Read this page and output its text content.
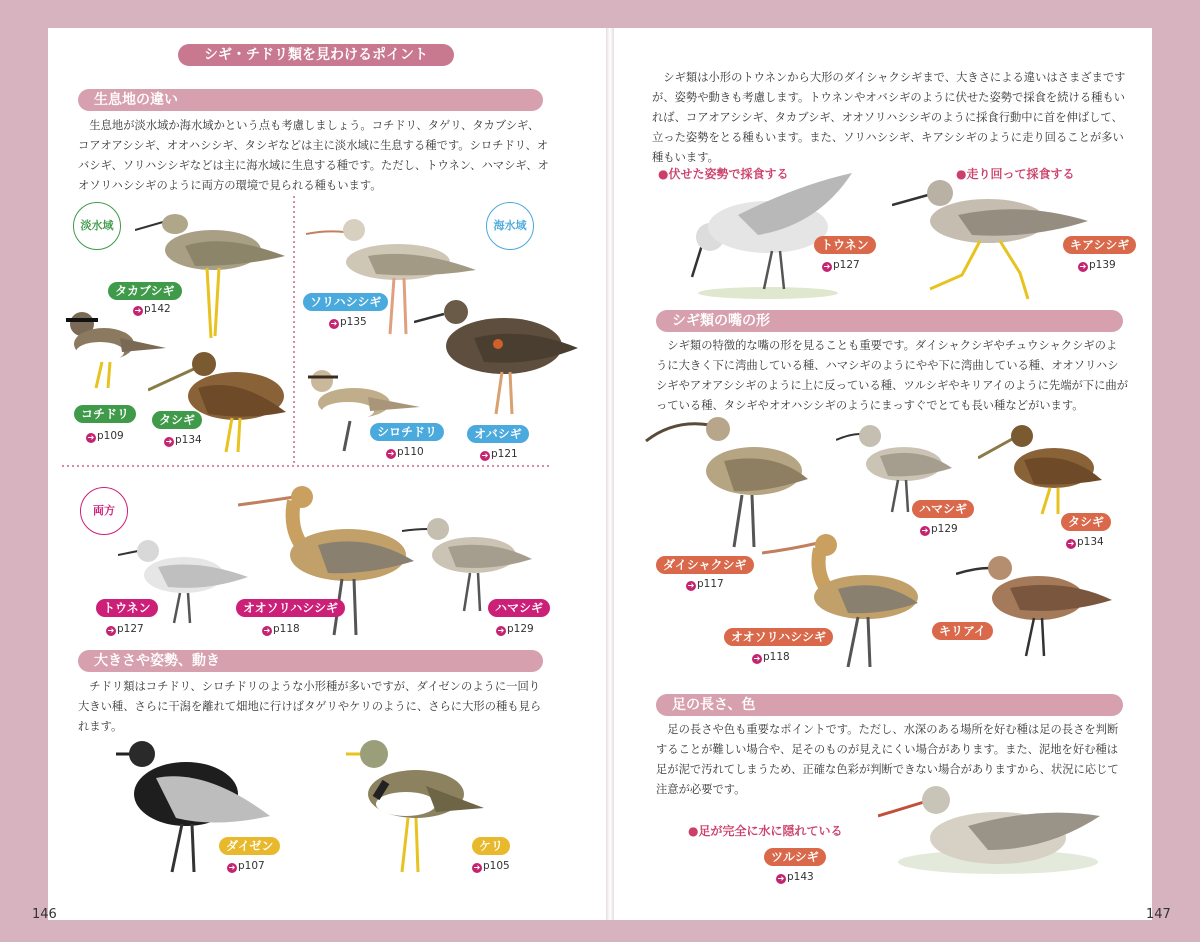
シギ・チドリ類を見わけるポイント
生息地の違い
生息地が淡水域か海水域かという点も考慮しましょう。コチドリ、タゲリ、タカブシギ、コアオアシシギ、オオハシシギ、タシギなどは主に淡水域に生息する種です。シロチドリ、オバシギ、ソリハシシギなどは主に海水域に生息する種です。ただし、トウネン、ハマシギ、オオソリハシシギのように両方の環境で見られる種もいます。
淡水域	海水域
両方
タカブシギ
➔ p142
コチドリ
➔ p109
タシギ
➔ p134
ソリハシシギ
➔ p135
シロチドリ
➔ p110
オバシギ
➔ p121
トウネン
➔ p127
オオソリハシシギ
➔ p118
ハマシギ
➔ p129
大きさや姿勢、動き
チドリ類はコチドリ、シロチドリのような小形種が多いですが、ダイゼンのように一回り大きい種、さらに干潟を離れて畑地に行けばタゲリやケリのように、さらに大形の種も見られます。
ダイゼン
➔ p107
ケリ
➔ p105
146
シギ類は小形のトウネンから大形のダイシャクシギまで、大きさによる違いはさまざまですが、姿勢や動きも考慮します。トウネンやオバシギのように伏せた姿勢で採食を続ける種もいれば、コアオアシシギ、タカブシギ、オオソリハシシギのように採食行動中に首を伸ばして、立った姿勢をとる種もいます。また、ソリハシシギ、キアシシギのように走り回ることが多い種もいます。
●伏せた姿勢で採食する	●走り回って採食する
トウネン
➔ p127
キアシシギ
➔ p139
シギ類の嘴の形
シギ類の特徴的な嘴の形を見ることも重要です。ダイシャクシギやチュウシャクシギのように大きく下に湾曲している種、ハマシギのようにやや下に湾曲している種、オオソリハシシギやアオアシシギのように上に反っている種、ツルシギやキリアイのように先端が下に曲がっている種、タシギやオオハシシギのようにまっすぐでとても長い種などがいます。
ダイシャクシギ
➔ p117
ハマシギ
➔ p129	タシギ
➔ p134
オオソリハシシギ
➔ p118
キリアイ
足の長さ、色
足の長さや色も重要なポイントです。ただし、水深のある場所を好む種は足の長さを判断することが難しい場合や、足そのものが見えにくい場合があります。また、泥地を好む種は足が泥で汚れてしまうため、正確な色彩が判断できない場合がありますから、状況に応じて注意が必要です。
●足が完全に水に隠れている
ツルシギ
➔ p143
147
